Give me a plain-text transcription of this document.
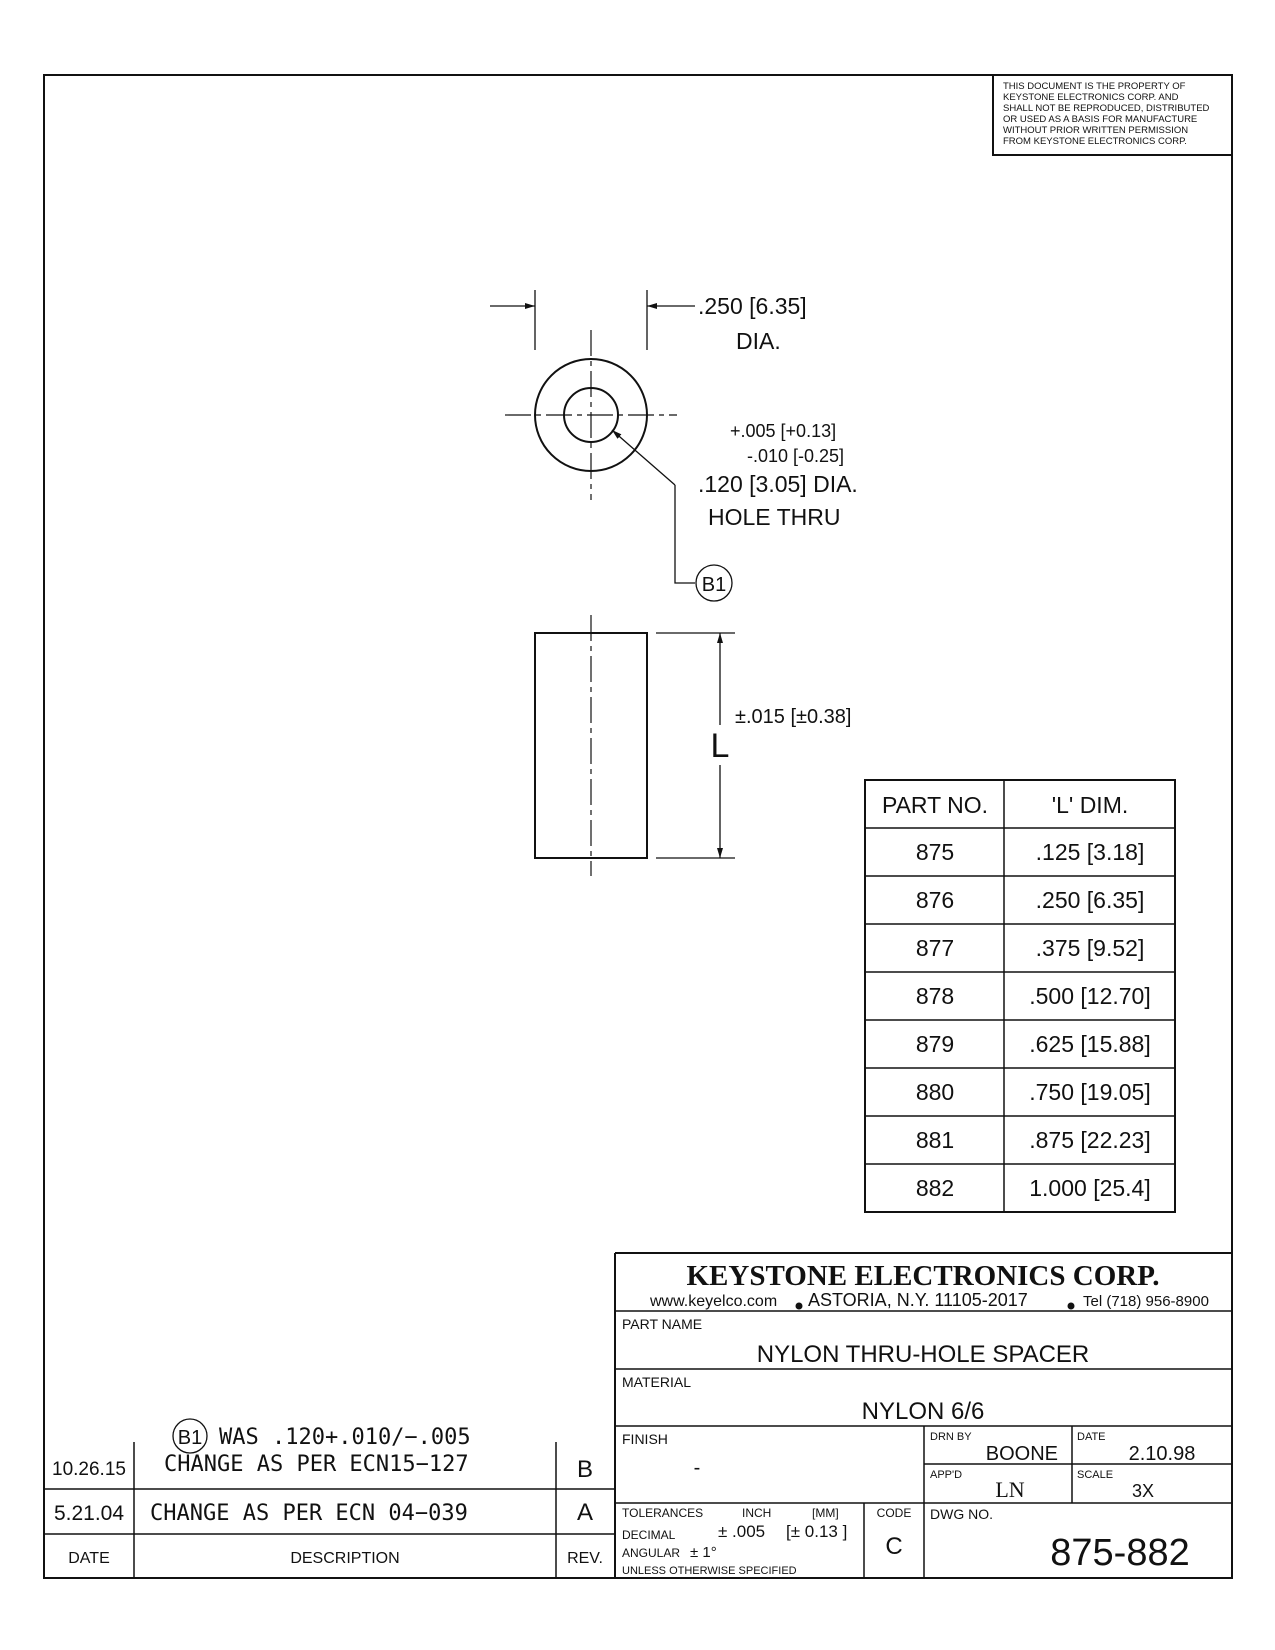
THIS DOCUMENT IS THE PROPERTY OF
KEYSTONE ELECTRONICS CORP. AND
SHALL NOT BE REPRODUCED, DISTRIBUTED
OR USED AS A BASIS FOR MANUFACTURE
WITHOUT PRIOR WRITTEN PERMISSION
FROM KEYSTONE ELECTRONICS CORP.
B1
.250 [6.35]
DIA.
+.005 [+0.13]
-.010 [-0.25]
.120 [3.05] DIA.
HOLE THRU
L
±.015 [±0.38]
PART NO.	'L' DIM.
875	.125 [3.18]
876	.250 [6.35]
877	.375 [9.52]
878	.500 [12.70]
879	.625 [15.88]
880	.750 [19.05]
881	.875 [22.23]
882	1.000 [25.4]
KEYSTONE ELECTRONICS CORP.
www.keyelco.com ASTORIA, N.Y. 11105-2017	Tel (718) 956-8900
PART NAME
NYLON THRU-HOLE SPACER
MATERIAL
NYLON 6/6
FINISH
-
DRN BY
BOONE
DATE
2.10.98
APP'D
LN
SCALE
3X
TOLERANCES	INCH	[MM]	CODE
DECIMAL	± .005 [± 0.13 ]
ANGULAR ± 1°
UNLESS OTHERWISE SPECIFIED
C
DWG NO.
875-882
B1 WAS .120+.010/−.005
10.26.15 CHANGE AS PER ECN15−127	B
5.21.04 CHANGE AS PER ECN 04−039	A
DATE	DESCRIPTION	REV.
